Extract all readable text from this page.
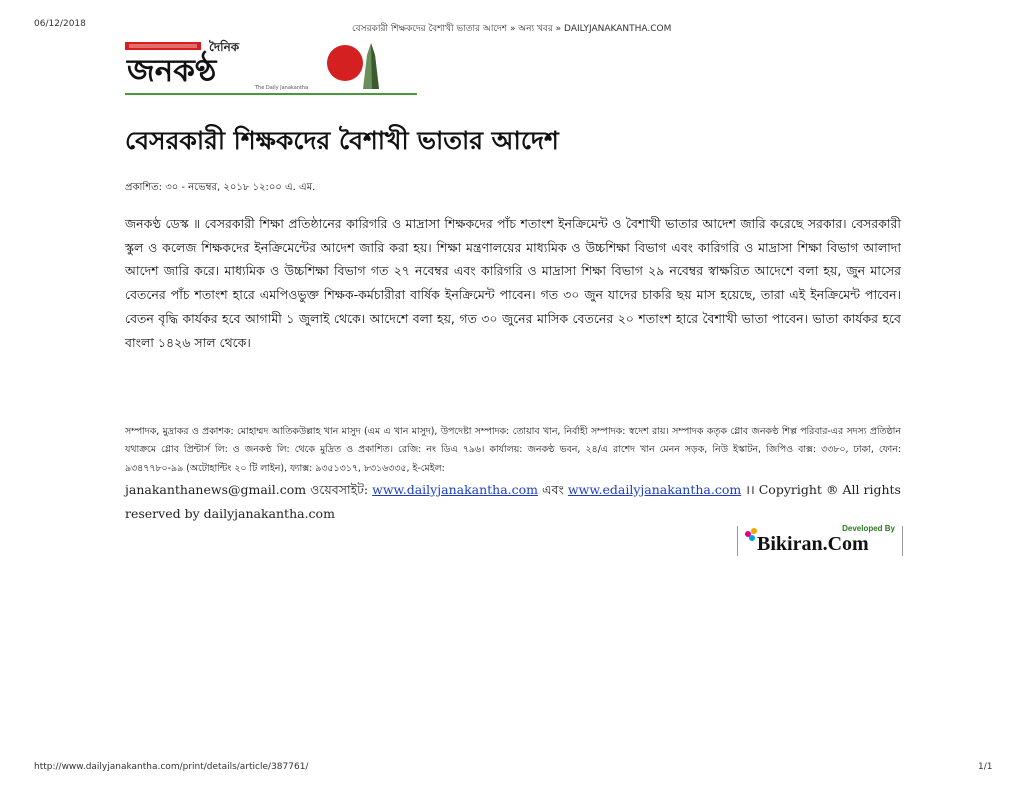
06/12/2018	বেসরকারী শিক্ষকদের বৈশাখী ভাতার আদেশ » অন্য খবর » DAILYJANAKANTHA.COM
দৈনিক
জনকণ্ঠ	The Daily Janakantha
বেসরকারী শিক্ষকদের বৈশাখী ভাতার আদেশ
প্রকাশিত: ৩০ - নভেম্বর, ২০১৮ ১২:০০ এ. এম.
জনকণ্ঠ ডেস্ক ॥ বেসরকারী শিক্ষা প্রতিষ্ঠানের কারিগরি ও মাদ্রাসা শিক্ষকদের পাঁচ শতাংশ ইনক্রিমেন্ট ও বৈশাখী ভাতার আদেশ জারি করেছে সরকার। বেসরকারী স্কুল ও কলেজ শিক্ষকদের ইনক্রিমেন্টের আদেশ জারি করা হয়। শিক্ষা মন্ত্রণালয়ের মাধ্যমিক ও উচ্চশিক্ষা বিভাগ এবং কারিগরি ও মাদ্রাসা শিক্ষা বিভাগ আলাদা আদেশ জারি করে। মাধ্যমিক ও উচ্চশিক্ষা বিভাগ গত ২৭ নবেম্বর এবং কারিগরি ও মাদ্রাসা শিক্ষা বিভাগ ২৯ নবেম্বর স্বাক্ষরিত আদেশে বলা হয়, জুন মাসের বেতনের পাঁচ শতাংশ হারে এমপিওভুক্ত শিক্ষক-কর্মচারীরা বার্ষিক ইনক্রিমেন্ট পাবেন। গত ৩০ জুন যাদের চাকরি ছয় মাস হয়েছে, তারা এই ইনক্রিমেন্ট পাবেন। বেতন বৃদ্ধি কার্যকর হবে আগামী ১ জুলাই থেকে। আদেশে বলা হয়, গত ৩০ জুনের মাসিক বেতনের ২০ শতাংশ হারে বৈশাখী ভাতা পাবেন। ভাতা কার্যকর হবে বাংলা ১৪২৬ সাল থেকে।
সম্পাদক, মুদ্রাকর ও প্রকাশক: মোহাম্মদ আতিকউল্লাহ খান মাসুদ (এম এ খান মাসুদ), উপদেষ্টা সম্পাদক: তোয়াব খান, নির্বাহী সম্পাদক: স্বদেশ রায়। সম্পাদক কতৃক গ্লোব জনকণ্ঠ শিল্প পরিবার-এর সদস্য প্রতিষ্ঠান যথাক্রমে গ্লোব প্রিন্টার্স লি: ও জনকণ্ঠ লি: থেকে মুদ্রিত ও প্রকাশিত। রেজি: নং ডিএ ৭৯৬। কার্যালয়: জনকণ্ঠ ভবন, ২৪/এ রাশেদ খান মেনন সড়ক, নিউ ইস্কাটন, জিপিও বাক্স: ৩৩৮০, ঢাকা, ফোন: ৯৩৪৭৭৮০-৯৯ (অটোহান্টিং ২০ টি লাইন), ফ্যাক্স: ৯৩৫১৩১৭, ৮৩১৬৩৩৫, ই-মেইল:
janakanthanews@gmail.com ওয়েবসাইট: www.dailyjanakantha.com এবং www.edailyjanakantha.com ।। Copyright ® All rights reserved by dailyjanakantha.com
Developed By
Bikiran.Com
http://www.dailyjanakantha.com/print/details/article/387761/	1/1
